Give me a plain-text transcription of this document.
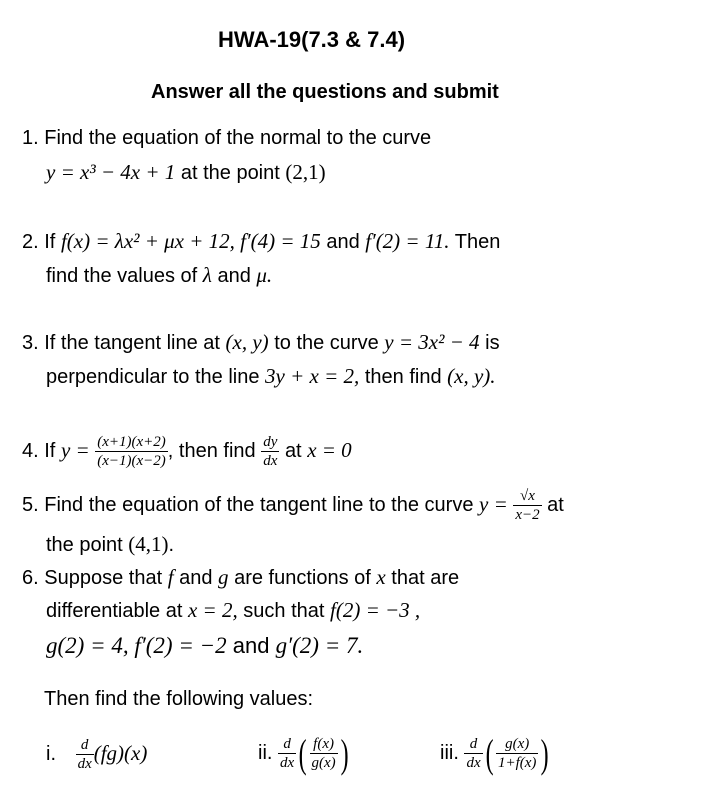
HWA-19(7.3 & 7.4)
Answer all the questions and submit
1. Find the equation of the normal to the curve
y = x³ − 4x + 1 at the point (2,1)
2. If f(x) = λx² + μx + 12, f′(4) = 15 and f′(2) = 11. Then
find the values of λ and μ.
3. If the tangent line at (x, y) to the curve y = 3x² − 4 is
perpendicular to the line 3y + x = 2, then find (x, y).
4. If $y = \frac{(x+1)(x+2)}{(x-1)(x-2)}$ , then find $\frac{dy}{dx}$ at x = 0
5. Find the equation of the tangent line to the curve $y = \frac{√x}{x-2}$ at
the point (4,1).
6. Suppose that f and g are functions of x that are
differentiable at x = 2, such that f(2) = −3 ,
g(2) = 4, f′(2) = −2 and g′(2) = 7.
Then find the following values:
i. $\frac{d}{dx} (fg)(x)$	ii. $\frac{d}{dx}$ ( $\frac{f(x)}{g(x)}$ )	iii. $\frac{d}{dx}$ ( $\frac{g(x)}{1+f(x)}$ )
